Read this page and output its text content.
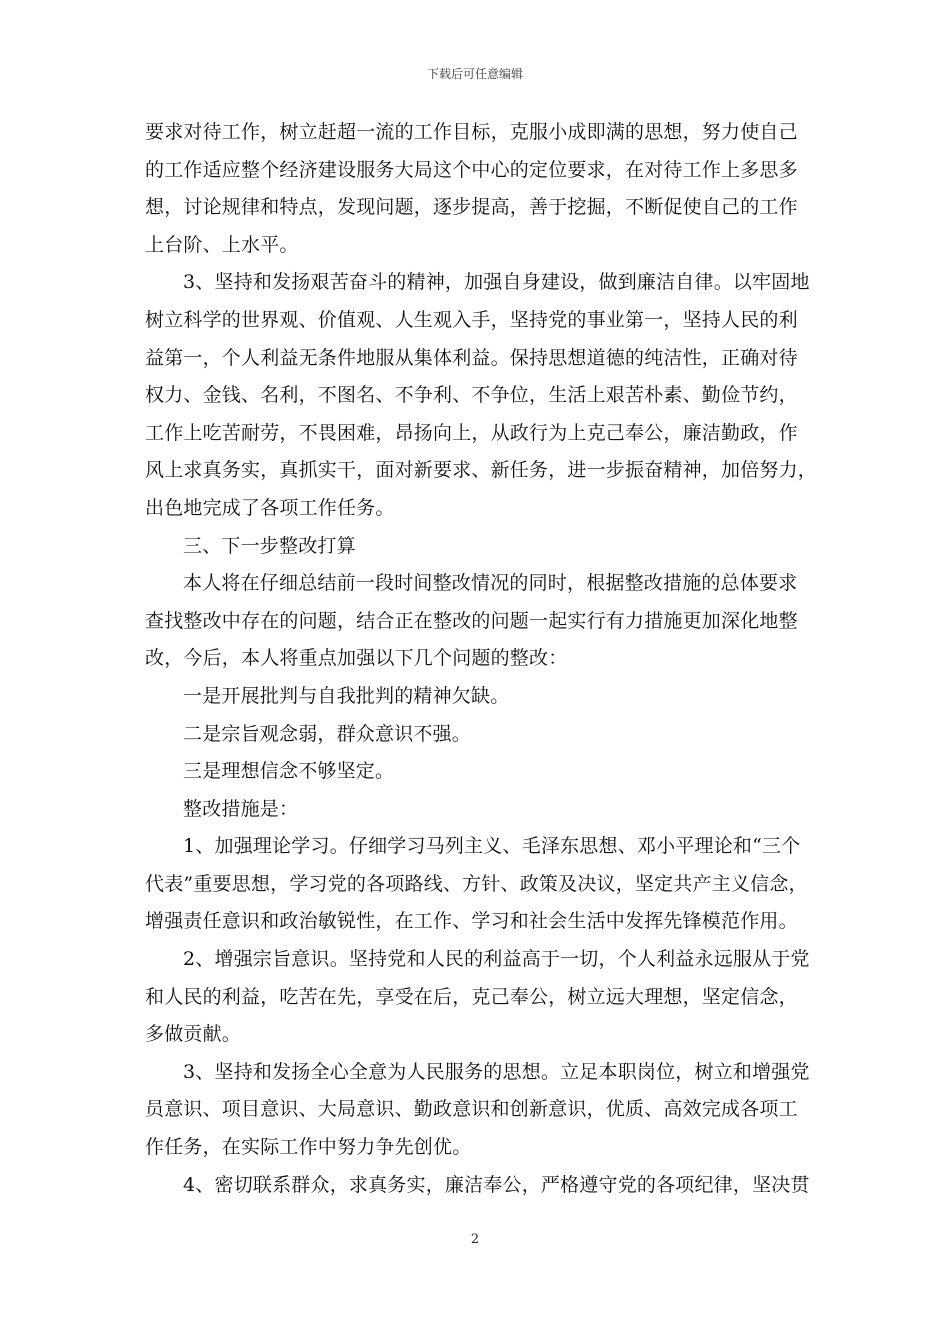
下载后可任意编辑
要求对待工作，树立赶超一流的工作目标，克服小成即满的思想，努力使自己
的工作适应整个经济建设服务大局这个中心的定位要求，在对待工作上多思多
想，讨论规律和特点，发现问题，逐步提高，善于挖掘，不断促使自己的工作
上台阶、上水平。
3、坚持和发扬艰苦奋斗的精神，加强自身建设，做到廉洁自律。以牢固地
树立科学的世界观、价值观、人生观入手，坚持党的事业第一，坚持人民的利
益第一，个人利益无条件地服从集体利益。保持思想道德的纯洁性，正确对待
权力、金钱、名利，不图名、不争利、不争位，生活上艰苦朴素、勤俭节约，
工作上吃苦耐劳，不畏困难，昂扬向上，从政行为上克己奉公，廉洁勤政，作
风上求真务实，真抓实干，面对新要求、新任务，进一步振奋精神，加倍努力，
出色地完成了各项工作任务。
三、下一步整改打算
本人将在仔细总结前一段时间整改情况的同时，根据整改措施的总体要求
查找整改中存在的问题，结合正在整改的问题一起实行有力措施更加深化地整
改，今后，本人将重点加强以下几个问题的整改：
一是开展批判与自我批判的精神欠缺。
二是宗旨观念弱，群众意识不强。
三是理想信念不够坚定。
整改措施是：
1、加强理论学习。仔细学习马列主义、毛泽东思想、邓小平理论和“三个
代表”重要思想，学习党的各项路线、方针、政策及决议，坚定共产主义信念，
增强责任意识和政治敏锐性，在工作、学习和社会生活中发挥先锋模范作用。
2、增强宗旨意识。坚持党和人民的利益高于一切，个人利益永远服从于党
和人民的利益，吃苦在先，享受在后，克己奉公，树立远大理想，坚定信念，
多做贡献。
3、坚持和发扬全心全意为人民服务的思想。立足本职岗位，树立和增强党
员意识、项目意识、大局意识、勤政意识和创新意识，优质、高效完成各项工
作任务，在实际工作中努力争先创优。
4、密切联系群众，求真务实，廉洁奉公，严格遵守党的各项纪律，坚决贯
2
